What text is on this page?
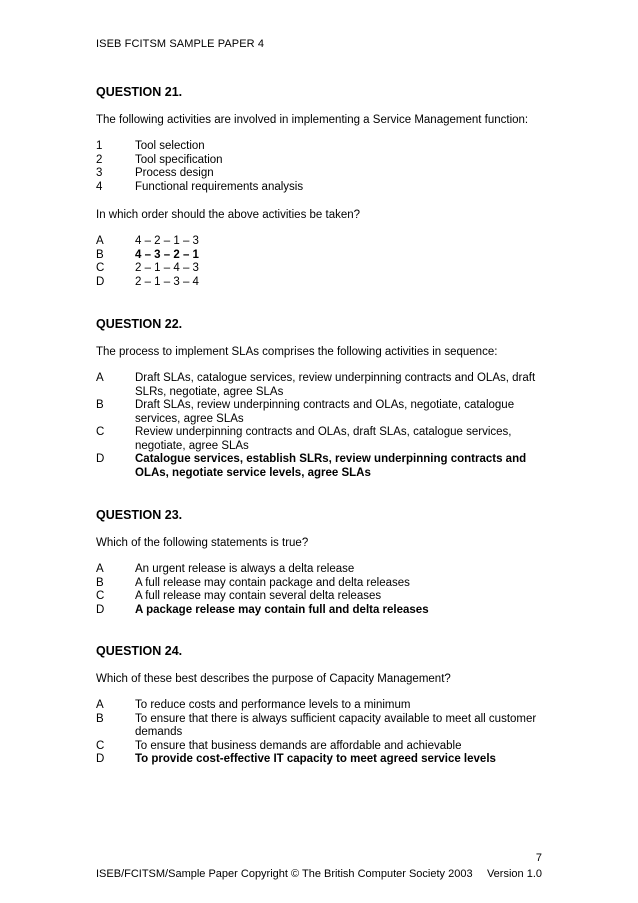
ISEB FCITSM SAMPLE PAPER 4
QUESTION 21.
The following activities are involved in implementing a Service Management function:
1	Tool selection
2	Tool specification
3	Process design
4	Functional requirements analysis
In which order should the above activities be taken?
A	4 – 2 – 1 – 3
B	4 – 3 – 2 – 1
C	2 – 1 – 4 – 3
D	2 – 1 – 3 – 4
QUESTION 22.
The process to implement SLAs comprises the following activities in sequence:
A	Draft SLAs, catalogue services, review underpinning contracts and OLAs, draft SLRs, negotiate, agree SLAs
B	Draft SLAs, review underpinning contracts and OLAs, negotiate, catalogue services, agree SLAs
C	Review underpinning contracts and OLAs, draft SLAs, catalogue services, negotiate, agree SLAs
D	Catalogue services, establish SLRs, review underpinning contracts and OLAs, negotiate service levels, agree SLAs
QUESTION 23.
Which of the following statements is true?
A	An urgent release is always a delta release
B	A full release may contain package and delta releases
C	A full release may contain several delta releases
D	A package release may contain full and delta releases
QUESTION 24.
Which of these best describes the purpose of Capacity Management?
A	To reduce costs and performance levels to a minimum
B	To ensure that there is always sufficient capacity available to meet all customer demands
C	To ensure that business demands are affordable and achievable
D	To provide cost-effective IT capacity to meet agreed service levels
7
ISEB/FCITSM/Sample Paper Copyright © The British Computer Society 2003 Version 1.0
